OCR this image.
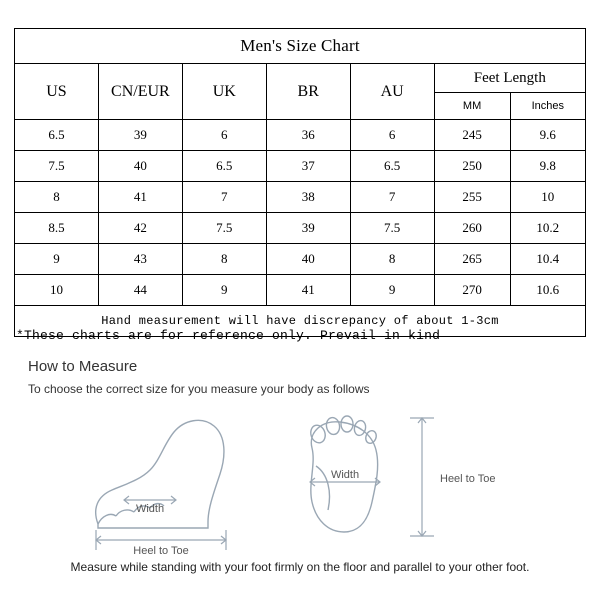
Men's Size Chart						
US	CN/EUR	UK	BR	AU	Feet Length	
					MM	Inches
6.5	39	6	36	6	245	9.6
7.5	40	6.5	37	6.5	250	9.8
8	41	7	38	7	255	10
8.5	42	7.5	39	7.5	260	10.2
9	43	8	40	8	265	10.4
10	44	9	41	9	270	10.6
Hand measurement will have discrepancy of about 1-3cm						
*These charts are for reference only. Prevail in kind
How to Measure
To choose the correct size for you measure your body as follows
Width
Heel to Toe
Width	Heel to Toe
Measure while standing with your foot firmly on the floor and parallel to your other foot.
